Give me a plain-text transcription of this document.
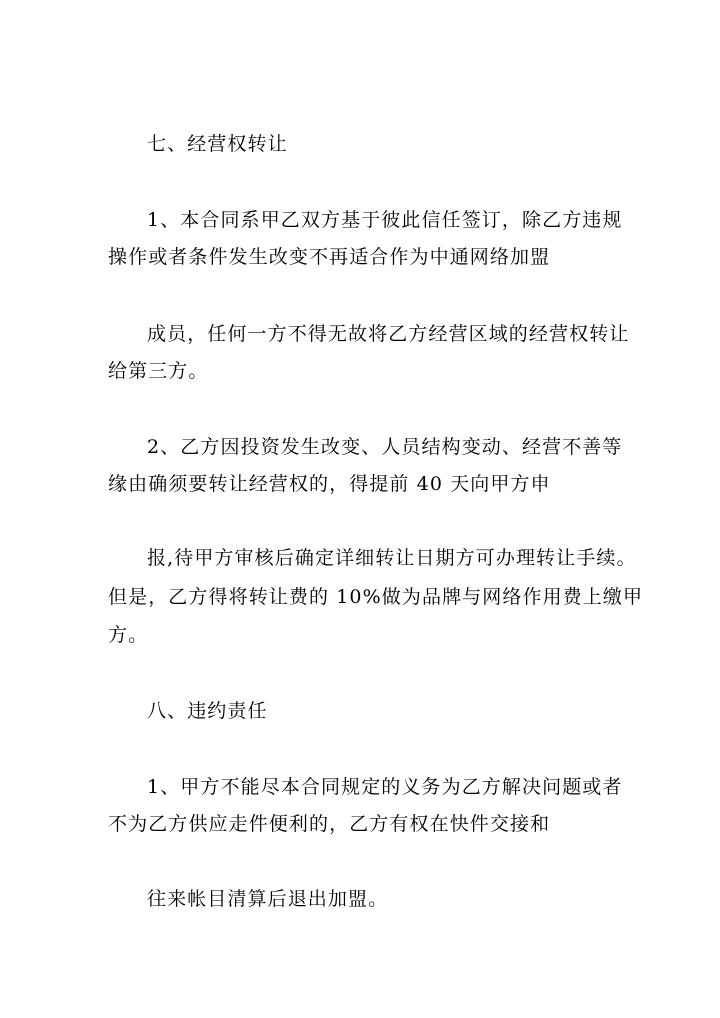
七、经营权转让
1、本合同系甲乙双方基于彼此信任签订，除乙方违规
操作或者条件发生改变不再适合作为中通网络加盟
成员，任何一方不得无故将乙方经营区域的经营权转让
给第三方。
2、乙方因投资发生改变、人员结构变动、经营不善等
缘由确须要转让经营权的，得提前 40 天向甲方申
报,待甲方审核后确定详细转让日期方可办理转让手续。
但是，乙方得将转让费的 10%做为品牌与网络作用费上缴甲
方。
八、违约责任
1、甲方不能尽本合同规定的义务为乙方解决问题或者
不为乙方供应走件便利的，乙方有权在快件交接和
往来帐目清算后退出加盟。
